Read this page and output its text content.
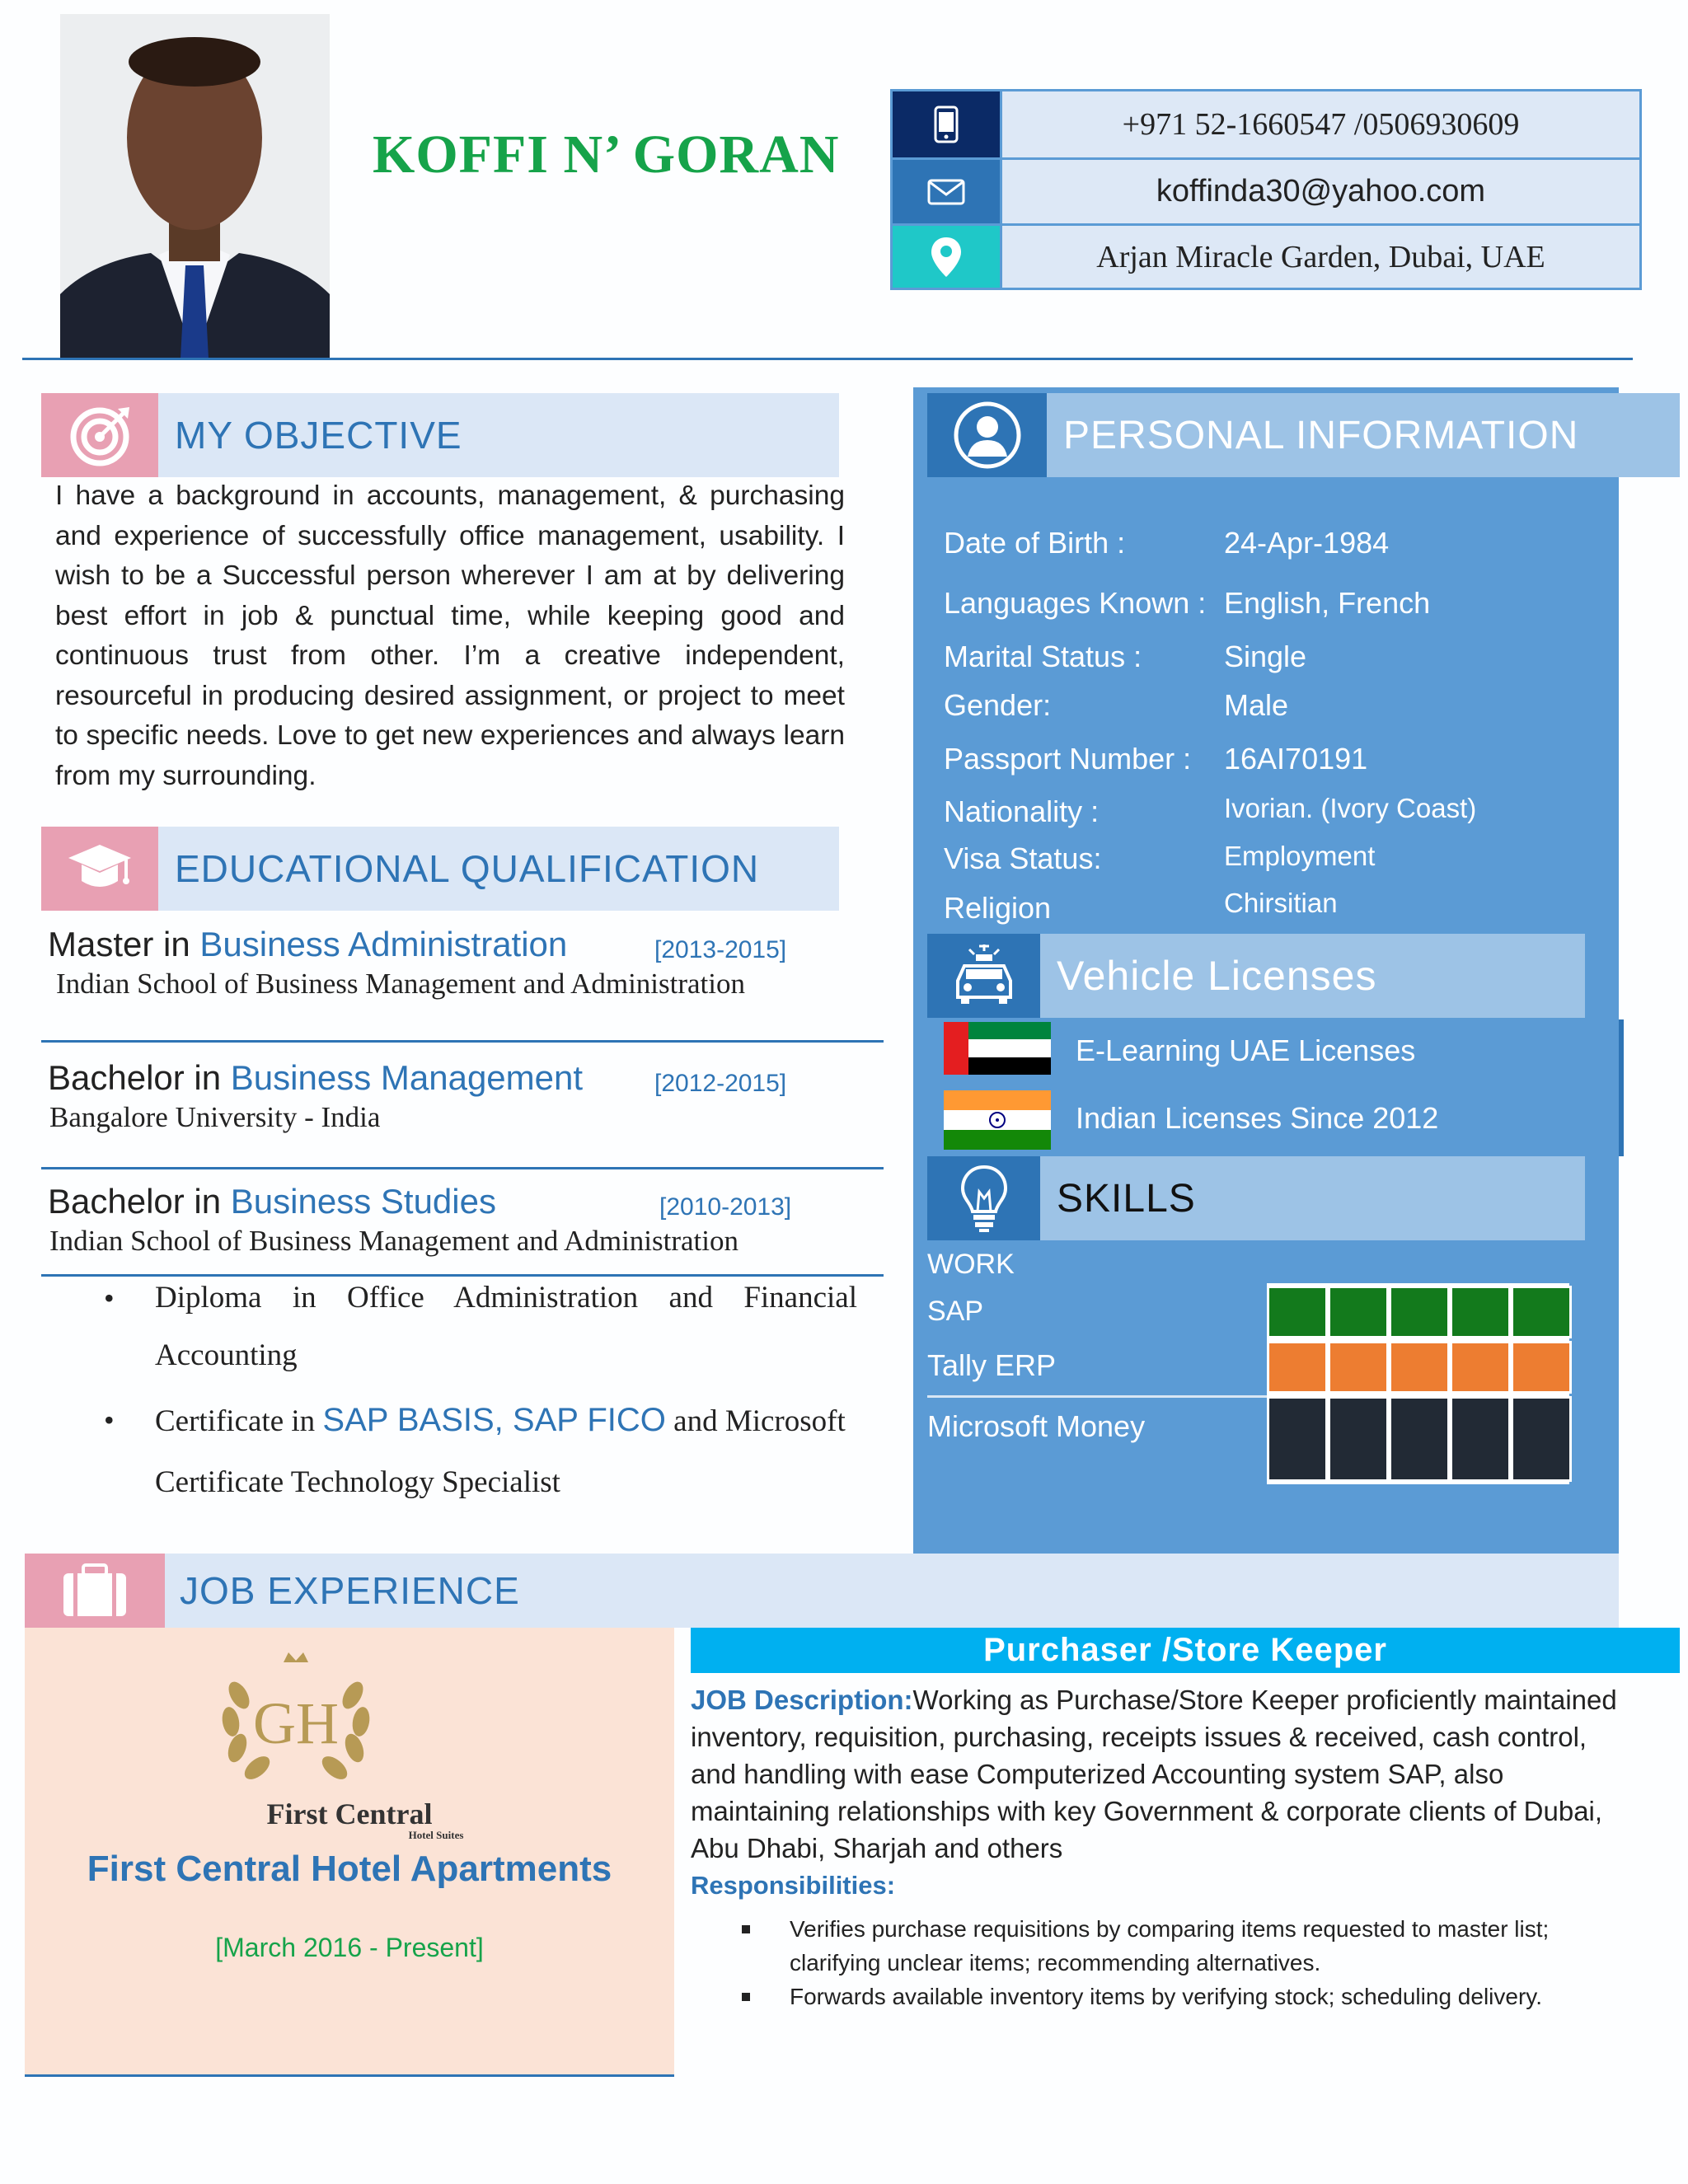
KOFFI N’ GORAN	+971 52-1660547 /0506930609
koffinda30@yahoo.com
Arjan Miracle Garden, Dubai, UAE
MY OBJECTIVE
I have a background in accounts, management, & purchasing and experience of successfully office management, usability. I wish to be a Successful person wherever I am at by delivering best effort in job & punctual time, while keeping good and continuous trust from other. I’m a creative independent, resourceful in producing desired assignment, or project to meet to specific needs. Love to get new experiences and always learn from my surrounding.
EDUCATIONAL QUALIFICATION
Master in Business Administration	[2013-2015]
Indian School of Business Management and Administration
Bachelor in Business Management	[2012-2015]
Bangalore University - India
Bachelor in Business Studies	[2010-2013]
Indian School of Business Management and Administration
• Diploma in Office Administration and Financial Accounting
• Certificate in SAP BASIS, SAP FICO and Microsoft Certificate Technology Specialist
PERSONAL INFORMATION
Date of Birth :	24-Apr-1984
Languages Known : English, French
Marital Status :	Single
Gender:	Male
Passport Number : 16AI70191
Nationality :	Ivorian. (Ivory Coast)
Visa Status:	Employment
Religion	Chirsitian
Vehicle Licenses
E-Learning UAE Licenses
Indian Licenses Since 2012
SKILLS
WORK
SAP
Tally ERP
Microsoft Money
JOB EXPERIENCE
GH
First Central
Hotel Suites
First Central Hotel Apartments
[March 2016 - Present]
Purchaser /Store Keeper
JOB Description:Working as Purchase/Store Keeper proficiently maintained inventory, requisition, purchasing, receipts issues & received, cash control, and handling with ease Computerized Accounting system SAP, also maintaining relationships with key Government & corporate clients of Dubai, Abu Dhabi, Sharjah and others
Responsibilities:
Verifies purchase requisitions by comparing items requested to master list; clarifying unclear items; recommending alternatives.
Forwards available inventory items by verifying stock; scheduling delivery.
